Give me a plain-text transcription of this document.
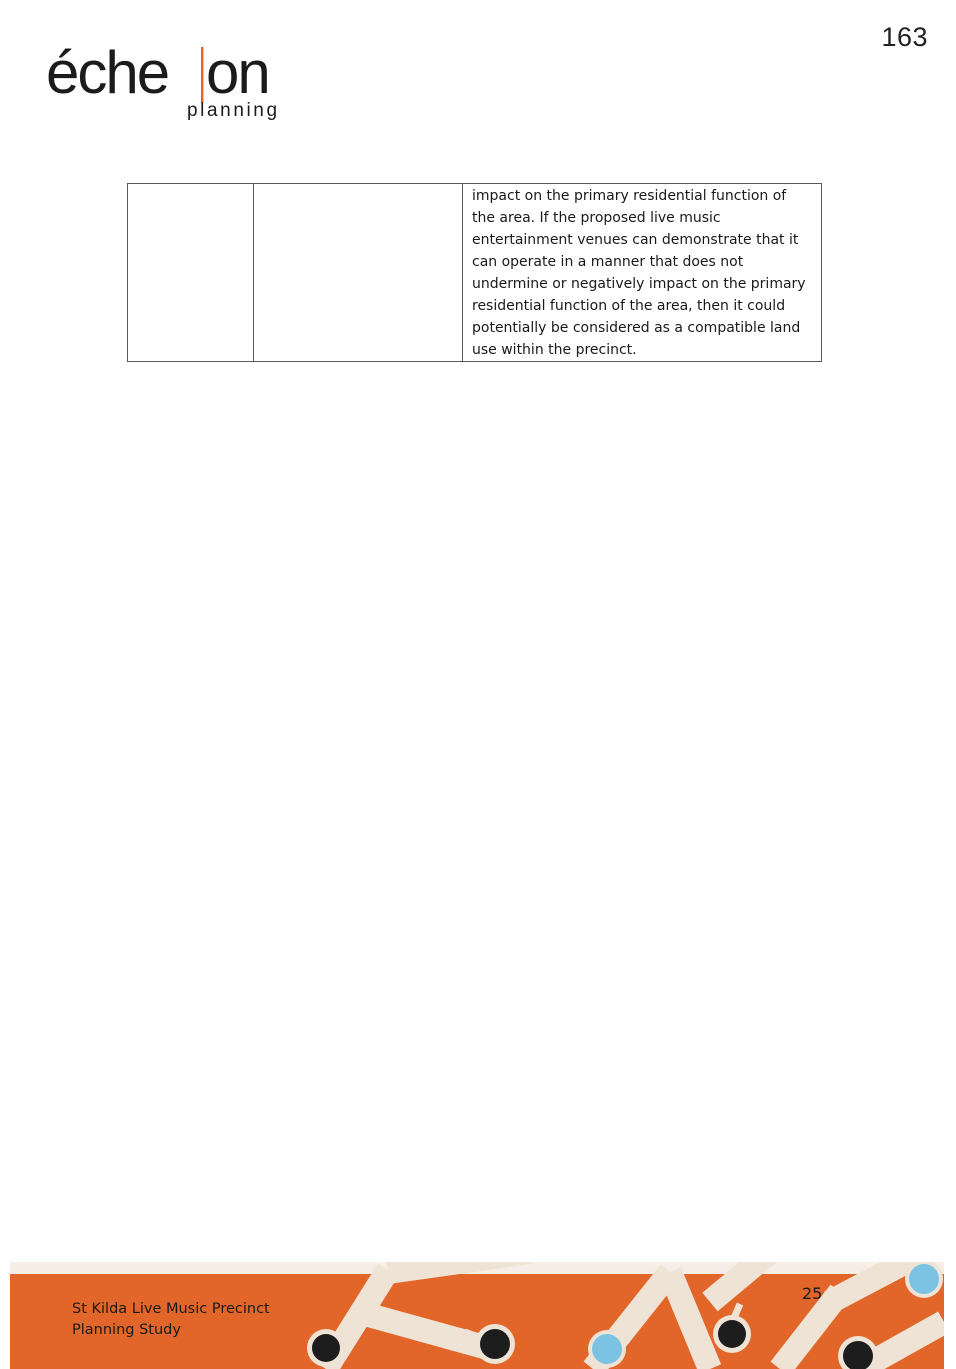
163
éche on
planning
		impact on the primary residential function of the area. If the proposed live music entertainment venues can demonstrate that it can operate in a manner that does not undermine or negatively impact on the primary residential function of the area, then it could potentially be considered as a compatible land use within the precinct.
St Kilda Live Music Precinct
Planning Study
25
